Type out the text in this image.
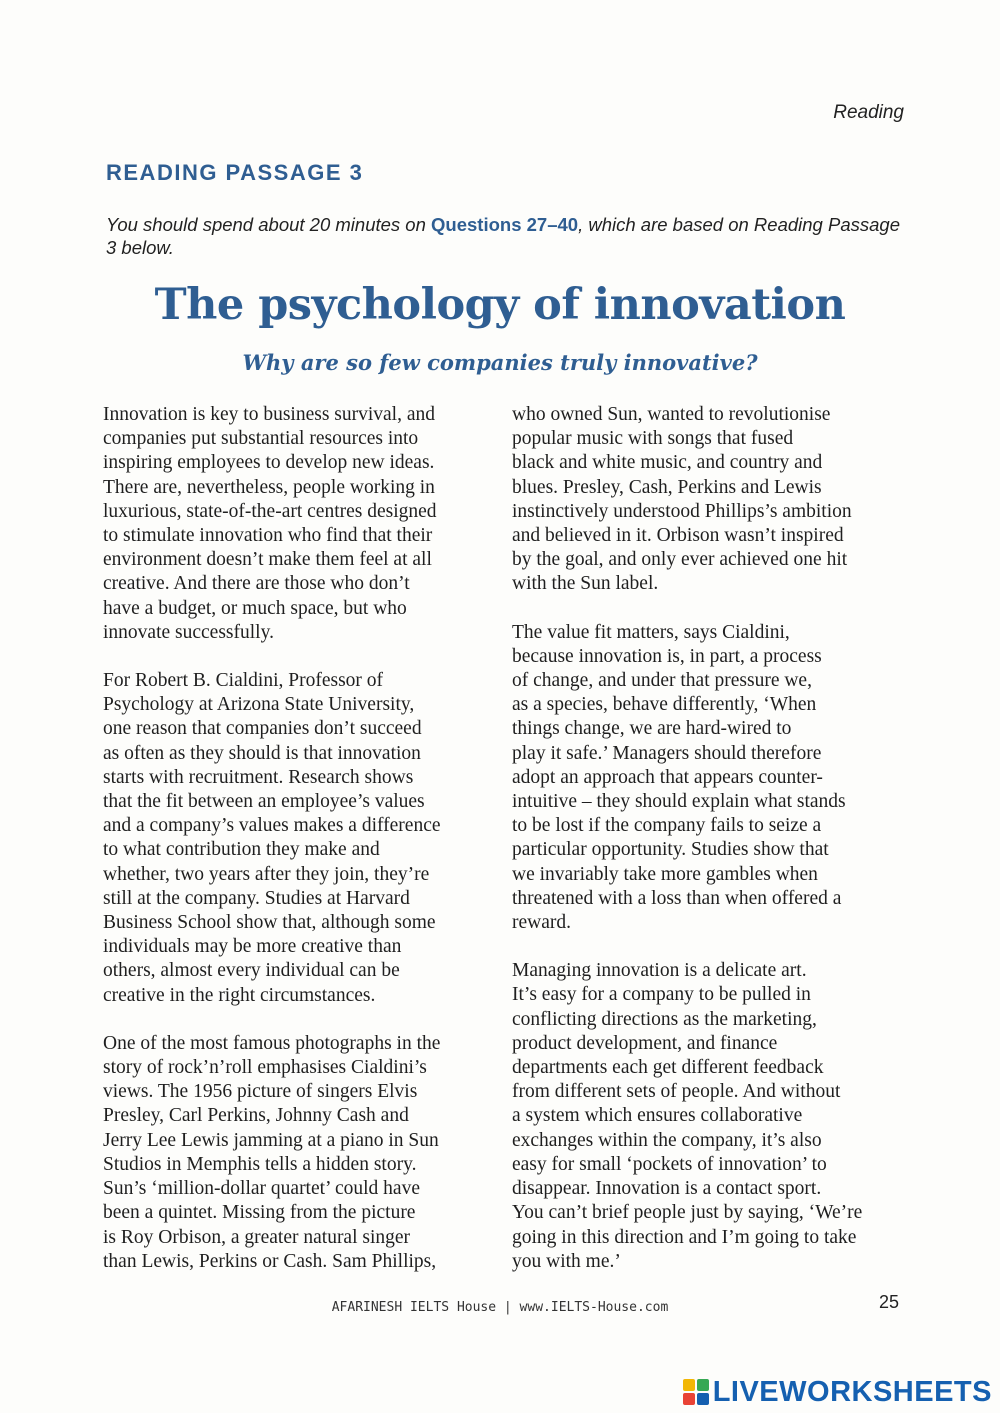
Reading
READING PASSAGE 3
You should spend about 20 minutes on Questions 27–40, which are based on Reading Passage 3 below.
The psychology of innovation
Why are so few companies truly innovative?

Innovation is key to business survival, and
companies put substantial resources into
inspiring employees to develop new ideas.
There are, nevertheless, people working in
luxurious, state-of-the-art centres designed
to stimulate innovation who find that their
environment doesn’t make them feel at all
creative. And there are those who don’t
have a budget, or much space, but who
innovate successfully.

For Robert B. Cialdini, Professor of
Psychology at Arizona State University,
one reason that companies don’t succeed
as often as they should is that innovation
starts with recruitment. Research shows
that the fit between an employee’s values
and a company’s values makes a difference
to what contribution they make and
whether, two years after they join, they’re
still at the company. Studies at Harvard
Business School show that, although some
individuals may be more creative than
others, almost every individual can be
creative in the right circumstances.

One of the most famous photographs in the
story of rock’n’roll emphasises Cialdini’s
views. The 1956 picture of singers Elvis
Presley, Carl Perkins, Johnny Cash and
Jerry Lee Lewis jamming at a piano in Sun
Studios in Memphis tells a hidden story.
Sun’s ‘million-dollar quartet’ could have
been a quintet. Missing from the picture
is Roy Orbison, a greater natural singer
than Lewis, Perkins or Cash. Sam Phillips,

who owned Sun, wanted to revolutionise
popular music with songs that fused
black and white music, and country and
blues. Presley, Cash, Perkins and Lewis
instinctively understood Phillips’s ambition
and believed in it. Orbison wasn’t inspired
by the goal, and only ever achieved one hit
with the Sun label.

The value fit matters, says Cialdini,
because innovation is, in part, a process
of change, and under that pressure we,
as a species, behave differently, ‘When
things change, we are hard-wired to
play it safe.’ Managers should therefore
adopt an approach that appears counter-
intuitive – they should explain what stands
to be lost if the company fails to seize a
particular opportunity. Studies show that
we invariably take more gambles when
threatened with a loss than when offered a
reward.

Managing innovation is a delicate art.
It’s easy for a company to be pulled in
conflicting directions as the marketing,
product development, and finance
departments each get different feedback
from different sets of people. And without
a system which ensures collaborative
exchanges within the company, it’s also
easy for small ‘pockets of innovation’ to
disappear. Innovation is a contact sport.
You can’t brief people just by saying, ‘We’re
going in this direction and I’m going to take
you with me.’

AFARINESH IELTS House | www.IELTS-House.com	25
LIVEWORKSHEETS
